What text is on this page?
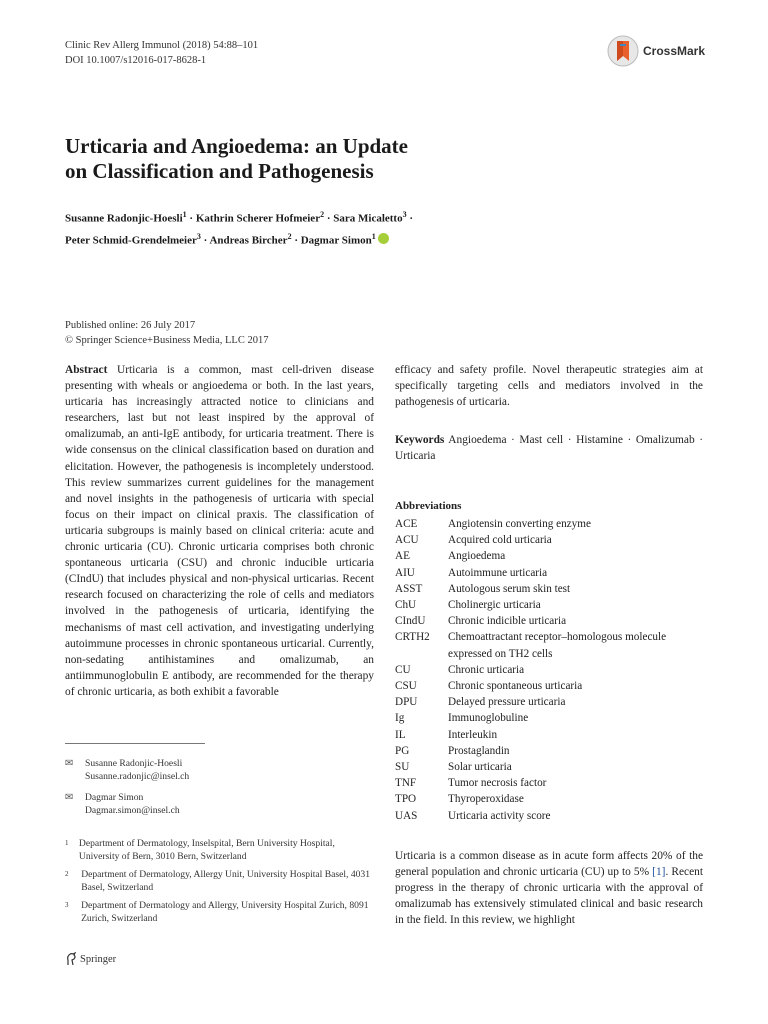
Clinic Rev Allerg Immunol (2018) 54:88–101
DOI 10.1007/s12016-017-8628-1
CrossMark
Urticaria and Angioedema: an Update
on Classification and Pathogenesis
Susanne Radonjic-Hoesli$^1$ · Kathrin Scherer Hofmeier$^2$ · Sara Micaletto$^3$ ·
Peter Schmid-Grendelmeier$^3$ · Andreas Bircher$^2$ · Dagmar Simon$^1$
Published online: 26 July 2017
© Springer Science+Business Media, LLC 2017
Abstract Urticaria is a common, mast cell-driven disease presenting with wheals or angioedema or both. In the last years, urticaria has increasingly attracted notice to clinicians and researchers, last but not least inspired by the approval of omalizumab, an anti-IgE antibody, for urticaria treatment. There is wide consensus on the clinical classification based on duration and elicitation. However, the pathogenesis is incompletely understood. This review summarizes current guidelines for the management and novel insights in the pathogenesis of urticaria with special focus on their impact on clinical praxis. The classification of urticaria subgroups is mainly based on clinical criteria: acute and chronic urticaria (CU). Chronic urticaria comprises both chronic spontaneous urticaria (CSU) and chronic inducible urticaria (CIndU) that includes physical and non-physical urticarias. Recent research focused on characterizing the role of cells and mediators involved in the pathogenesis of urticaria, identifying the mechanisms of mast cell activation, and investigating underlying autoimmune processes in chronic spontaneous urticarial. Currently, non-sedating antihistamines and omalizumab, an antiimmunoglobulin E antibody, are recommended for the therapy of chronic urticaria, as both exhibit a favorable
efficacy and safety profile. Novel therapeutic strategies aim at specifically targeting cells and mediators involved in the pathogenesis of urticaria.
Keywords Angioedema · Mast cell · Histamine · Omalizumab · Urticaria
Abbreviations
ACE	Angiotensin converting enzyme
ACU	Acquired cold urticaria
AE	Angioedema
AIU	Autoimmune urticaria
ASST	Autologous serum skin test
ChU	Cholinergic urticaria
CIndU	Chronic indicible urticaria
CRTH2	Chemoattractant receptor–homologous molecule expressed on TH2 cells
CU	Chronic urticaria
CSU	Chronic spontaneous urticaria
DPU	Delayed pressure urticaria
Ig	Immunoglobuline
IL	Interleukin
PG	Prostaglandin
SU	Solar urticaria
TNF	Tumor necrosis factor
TPO	Thyroperoxidase
UAS	Urticaria activity score
Urticaria is a common disease as in acute form affects 20% of the general population and chronic urticaria (CU) up to 5% [1]. Recent progress in the therapy of chronic urticaria with the approval of omalizumab has extensively stimulated clinical and basic research in the field. In this review, we highlight
✉	Susanne Radonjic-Hoesli
Susanne.radonjic@insel.ch
✉	Dagmar Simon
Dagmar.simon@insel.ch
1	Department of Dermatology, Inselspital, Bern University Hospital, University of Bern, 3010 Bern, Switzerland
2	Department of Dermatology, Allergy Unit, University Hospital Basel, 4031 Basel, Switzerland
3	Department of Dermatology and Allergy, University Hospital Zurich, 8091 Zurich, Switzerland
Springer
